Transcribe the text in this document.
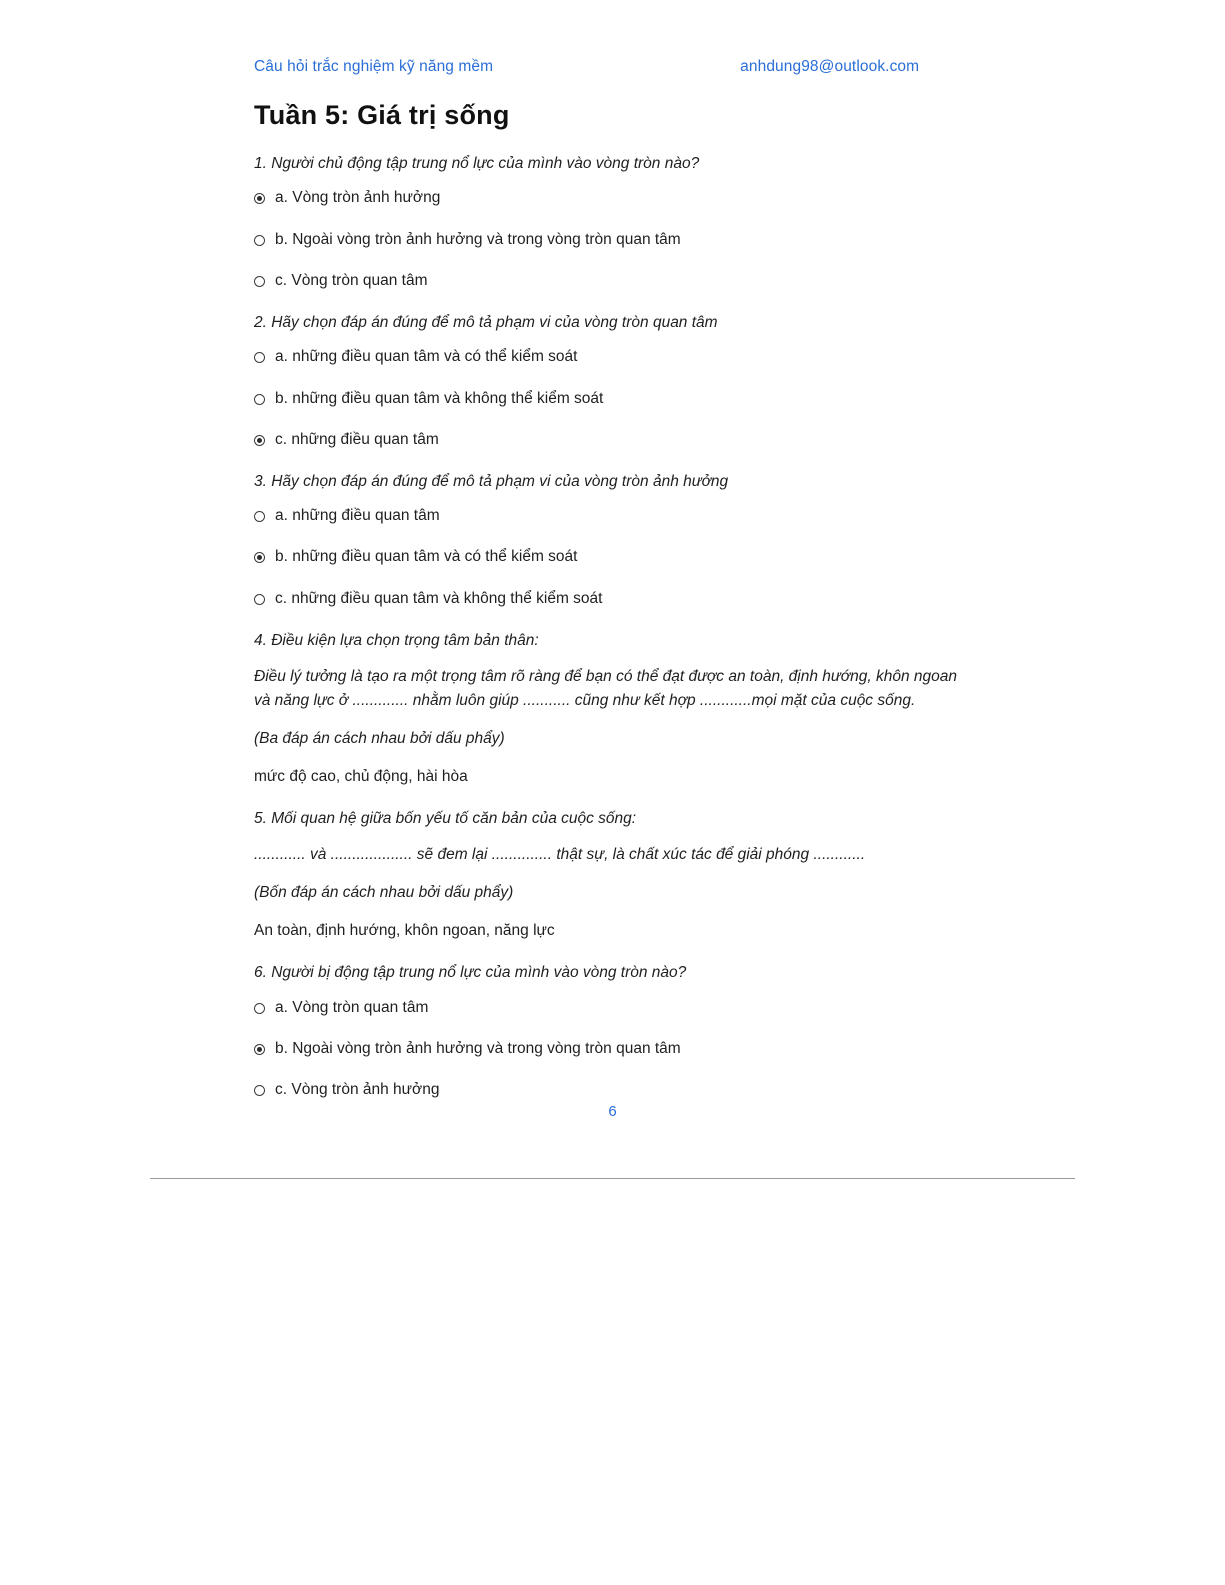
Câu hỏi trắc nghiệm kỹ năng mềm	anhdung98@outlook.com
Tuần 5: Giá trị sống

1. Người chủ động tập trung nổ lực của mình vào vòng tròn nào?

a. Vòng tròn ảnh hưởng
b. Ngoài vòng tròn ảnh hưởng và trong vòng tròn quan tâm
c. Vòng tròn quan tâm

2. Hãy chọn đáp án đúng để mô tả phạm vi của vòng tròn quan tâm

a. những điều quan tâm và có thể kiểm soát
b. những điều quan tâm và không thể kiểm soát
c. những điều quan tâm

3. Hãy chọn đáp án đúng để mô tả phạm vi của vòng tròn ảnh hưởng

a. những điều quan tâm
b. những điều quan tâm và có thể kiểm soát
c. những điều quan tâm và không thể kiểm soát

4. Điều kiện lựa chọn trọng tâm bản thân:

Điều lý tưởng là tạo ra một trọng tâm rõ ràng để bạn có thể đạt được an toàn, định hướng, khôn ngoan và năng lực ở ............. nhằm luôn giúp ........... cũng như kết hợp ............mọi mặt của cuộc sống.

(Ba đáp án cách nhau bởi dấu phẩy)

mức độ cao, chủ động, hài hòa

5. Mối quan hệ giữa bốn yếu tố căn bản của cuộc sống:

............ và ................... sẽ đem lại .............. thật sự, là chất xúc tác để giải phóng ............

(Bốn đáp án cách nhau bởi dấu phẩy)

An toàn, định hướng, khôn ngoan, năng lực

6. Người bị động tập trung nổ lực của mình vào vòng tròn nào?

a. Vòng tròn quan tâm
b. Ngoài vòng tròn ảnh hưởng và trong vòng tròn quan tâm
c. Vòng tròn ảnh hưởng
6
